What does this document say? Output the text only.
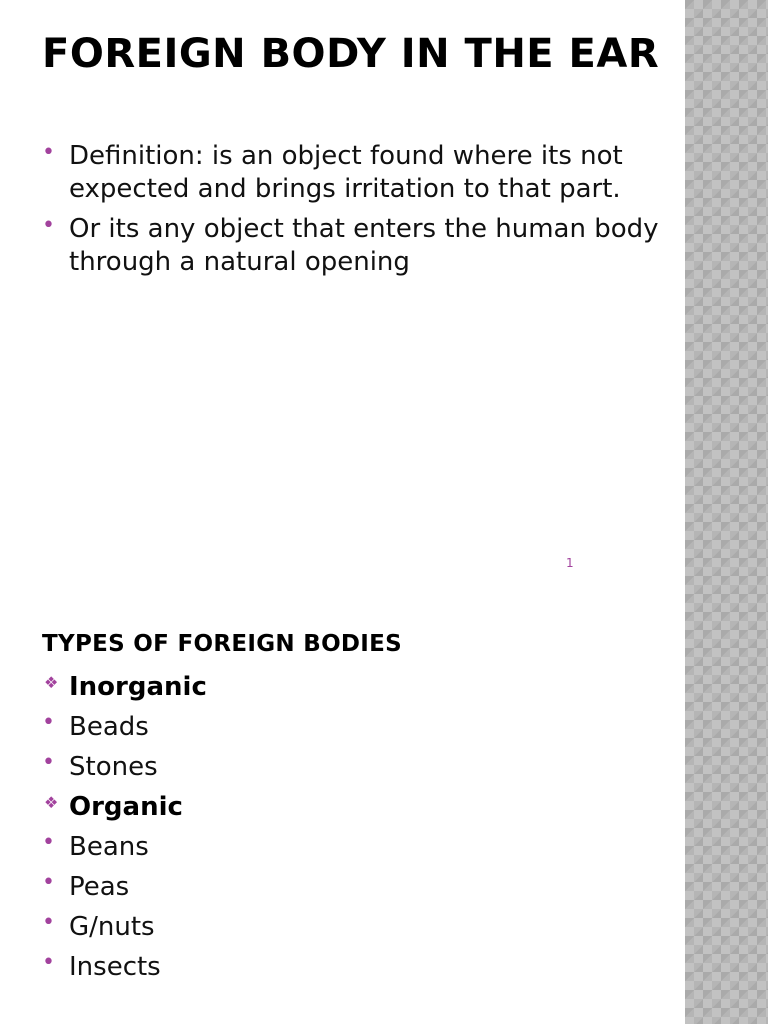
FOREIGN BODY IN THE EAR
• Definition: is an object found where its not expected and brings irritation to that part.
• Or its any object that enters the human body through a natural opening
1
TYPES OF FOREIGN BODIES
❖ Inorganic
• Beads
• Stones
❖ Organic
• Beans
• Peas
• G/nuts
• Insects
